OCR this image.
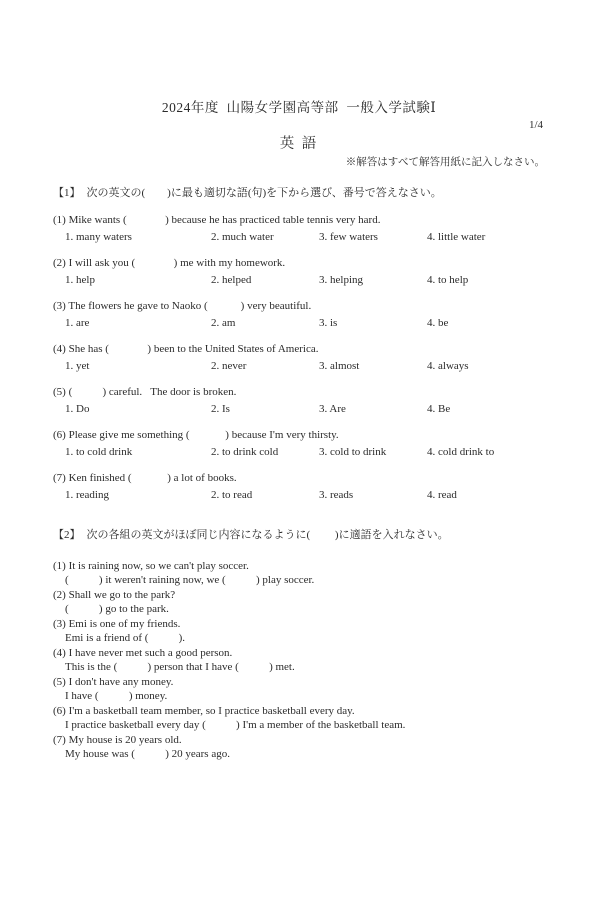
2024年度  山陽女学園高等部  一般入学試験Ⅰ
1/4
英 語
※解答はすべて解答用紙に記入しなさい。
【1】 次の英文の(        )に最も適切な語(句)を下から選び、番号で答えなさい。
(1) Mike wants (              ) because he has practiced table tennis very hard.
1. many waters	2. much water	3. few waters	4. little water
(2) I will ask you (              ) me with my homework.
1. help	2. helped	3. helping	4. to help
(3) The flowers he gave to Naoko (            ) very beautiful.
1. are	2. am	3. is	4. be
(4) She has (              ) been to the United States of America.
1. yet	2. never	3. almost	4. always
(5) (           ) careful.   The door is broken.
1. Do	2. Is	3. Are	4. Be
(6) Please give me something (             ) because I'm very thirsty.
1. to cold drink	2. to drink cold	3. cold to drink	4. cold drink to
(7) Ken finished (             ) a lot of books.
1. reading	2. to read	3. reads	4. read
【2】 次の各組の英文がほぼ同じ内容になるように(         )に適語を入れなさい。
(1) It is raining now, so we can't play soccer.
(           ) it weren't raining now, we (           ) play soccer.
(2) Shall we go to the park?
(           ) go to the park.
(3) Emi is one of my friends.
Emi is a friend of (           ).
(4) I have never met such a good person.
This is the (           ) person that I have (           ) met.
(5) I don't have any money.
I have (           ) money.
(6) I'm a basketball team member, so I practice basketball every day.
I practice basketball every day (           ) I'm a member of the basketball team.
(7) My house is 20 years old.
My house was (           ) 20 years ago.
